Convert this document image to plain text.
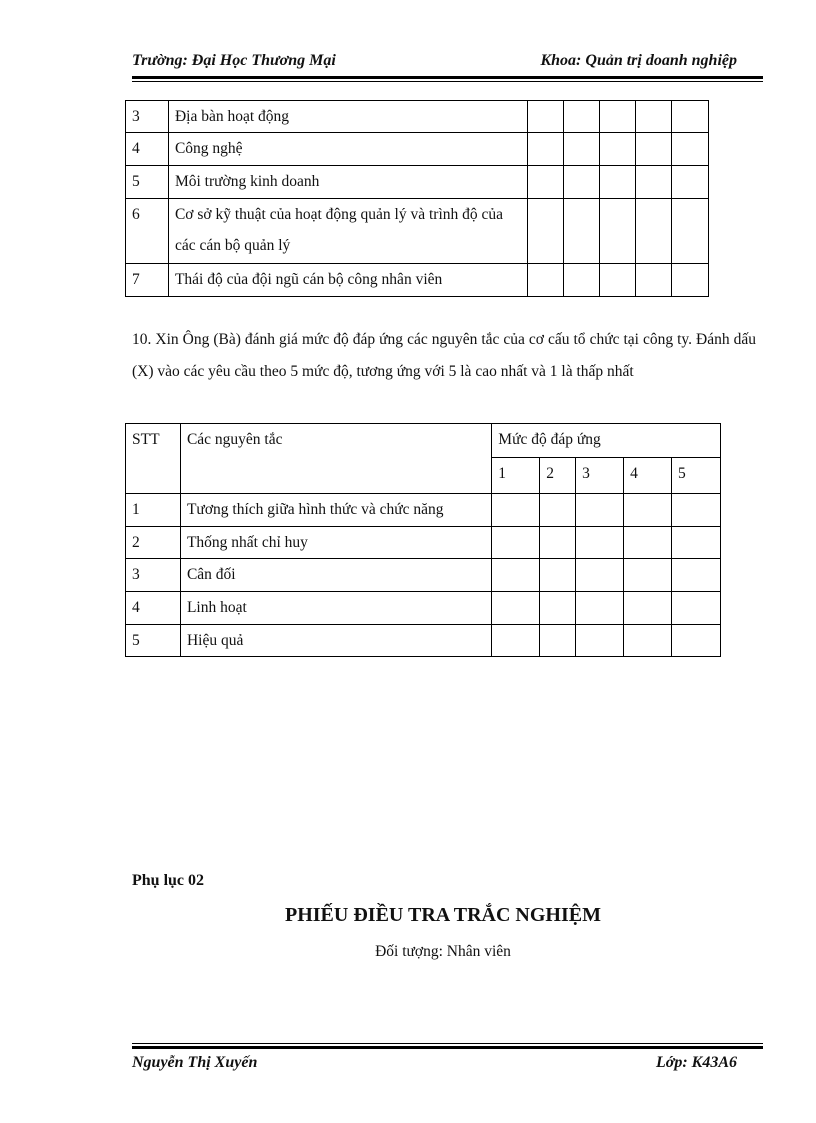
Trường: Đại Học Thương Mại	Khoa: Quản trị doanh nghiệp
3	Địa bàn hoạt động					

4	Công nghệ					

5	Môi trường kinh doanh					

6	Cơ sở kỹ thuật của hoạt động quản lý và trình độ của các cán bộ quản lý					

7	Thái độ của đội ngũ cán bộ công nhân viên					

10. Xin Ông (Bà) đánh giá mức độ đáp ứng các nguyên tắc của cơ cấu tổ chức tại công ty. Đánh dấu (X) vào các yêu cầu theo 5 mức độ, tương ứng với 5 là cao nhất và 1 là thấp nhất
STT	Các nguyên tắc	Mức độ đáp ứng				

		1	2	3	4	5

1	Tương thích giữa hình thức và chức năng					

2	Thống nhất chỉ huy					

3	Cân đối					

4	Linh hoạt					

5	Hiệu quả					

Phụ lục 02
PHIẾU ĐIỀU TRA TRẮC NGHIỆM
Đối tượng: Nhân viên
Nguyễn Thị Xuyến	Lớp: K43A6
